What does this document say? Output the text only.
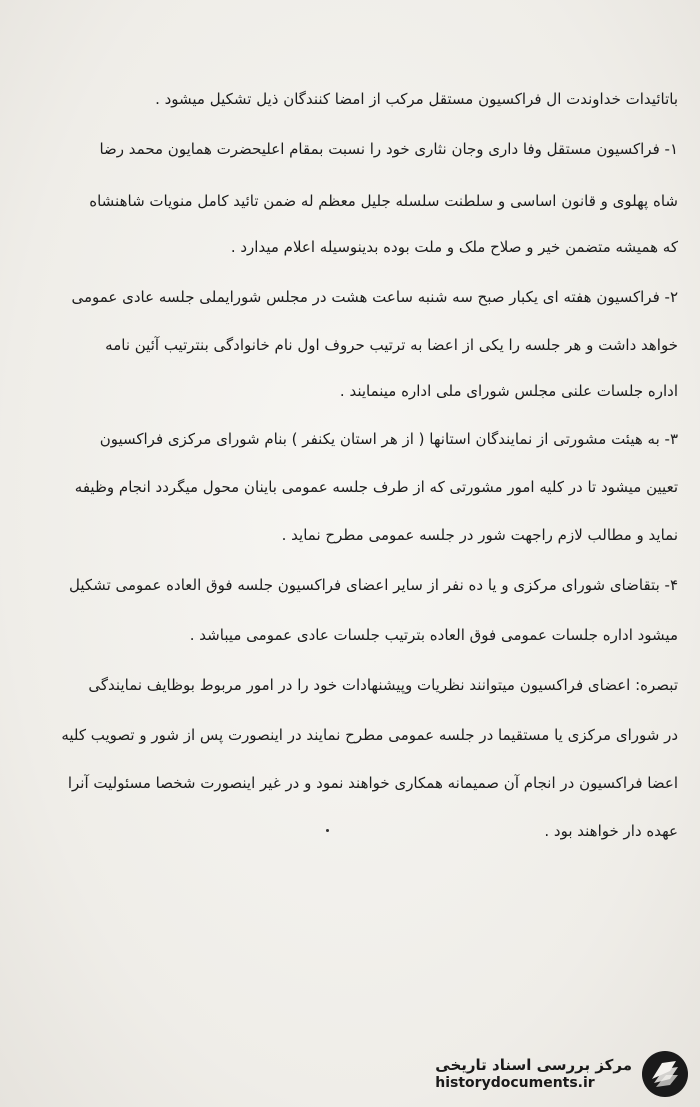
باتائیدات خداوندت ال فراکسیون مستقل مرکب از امضا کنندگان ذیل تشکیل میشود .
۱- فراکسیون مستقل وفا داری وجان نثاری خود را نسبت بمقام اعلیحضرت همایون محمد رضا
شاه پهلوی و قانون اساسی و سلطنت سلسله جلیل معظم له ضمن تائید کامل منویات شاهنشاه
که همیشه متضمن خیر و صلاح ملک و ملت بوده بدینوسیله اعلام میدارد .
۲- فراکسیون هفته ای یکبار صبح سه شنبه ساعت هشت در مجلس شورایملی جلسه عادی عمومی
خواهد داشت و هر جلسه را یکی از اعضا به ترتیب حروف اول نام خانوادگی بنترتیب آئین نامه
اداره جلسات علنی مجلس شورای ملی اداره مینمایند .
۳- به هیئت مشورتی از نمایندگان استانها ( از هر استان یکنفر ) بنام شورای مرکزی فراکسیون
تعیین میشود تا در کلیه امور مشورتی که از طرف جلسه عمومی باینان محول میگردد انجام وظیفه
نماید و مطالب لازم راجهت شور در جلسه عمومی مطرح نماید .
۴- بتقاضای شورای مرکزی و یا ده نفر از سایر اعضای فراکسیون جلسه فوق العاده عمومی تشکیل
میشود اداره جلسات عمومی فوق العاده بترتیب جلسات عادی عمومی میباشد .
تبصره: اعضای فراکسیون میتوانند نظریات وپیشنهادات خود را در امور مربوط بوظایف نمایندگی
در شورای مرکزی یا مستقیما در جلسه عمومی مطرح نمایند در اینصورت پس از شور و تصویب کلیه
اعضا فراکسیون در انجام آن صمیمانه همکاری خواهند نمود و در غیر اینصورت شخصا مسئولیت آنرا
عهده دار خواهند بود .
مرکز بررسی اسناد تاریخی
historydocuments.ir
